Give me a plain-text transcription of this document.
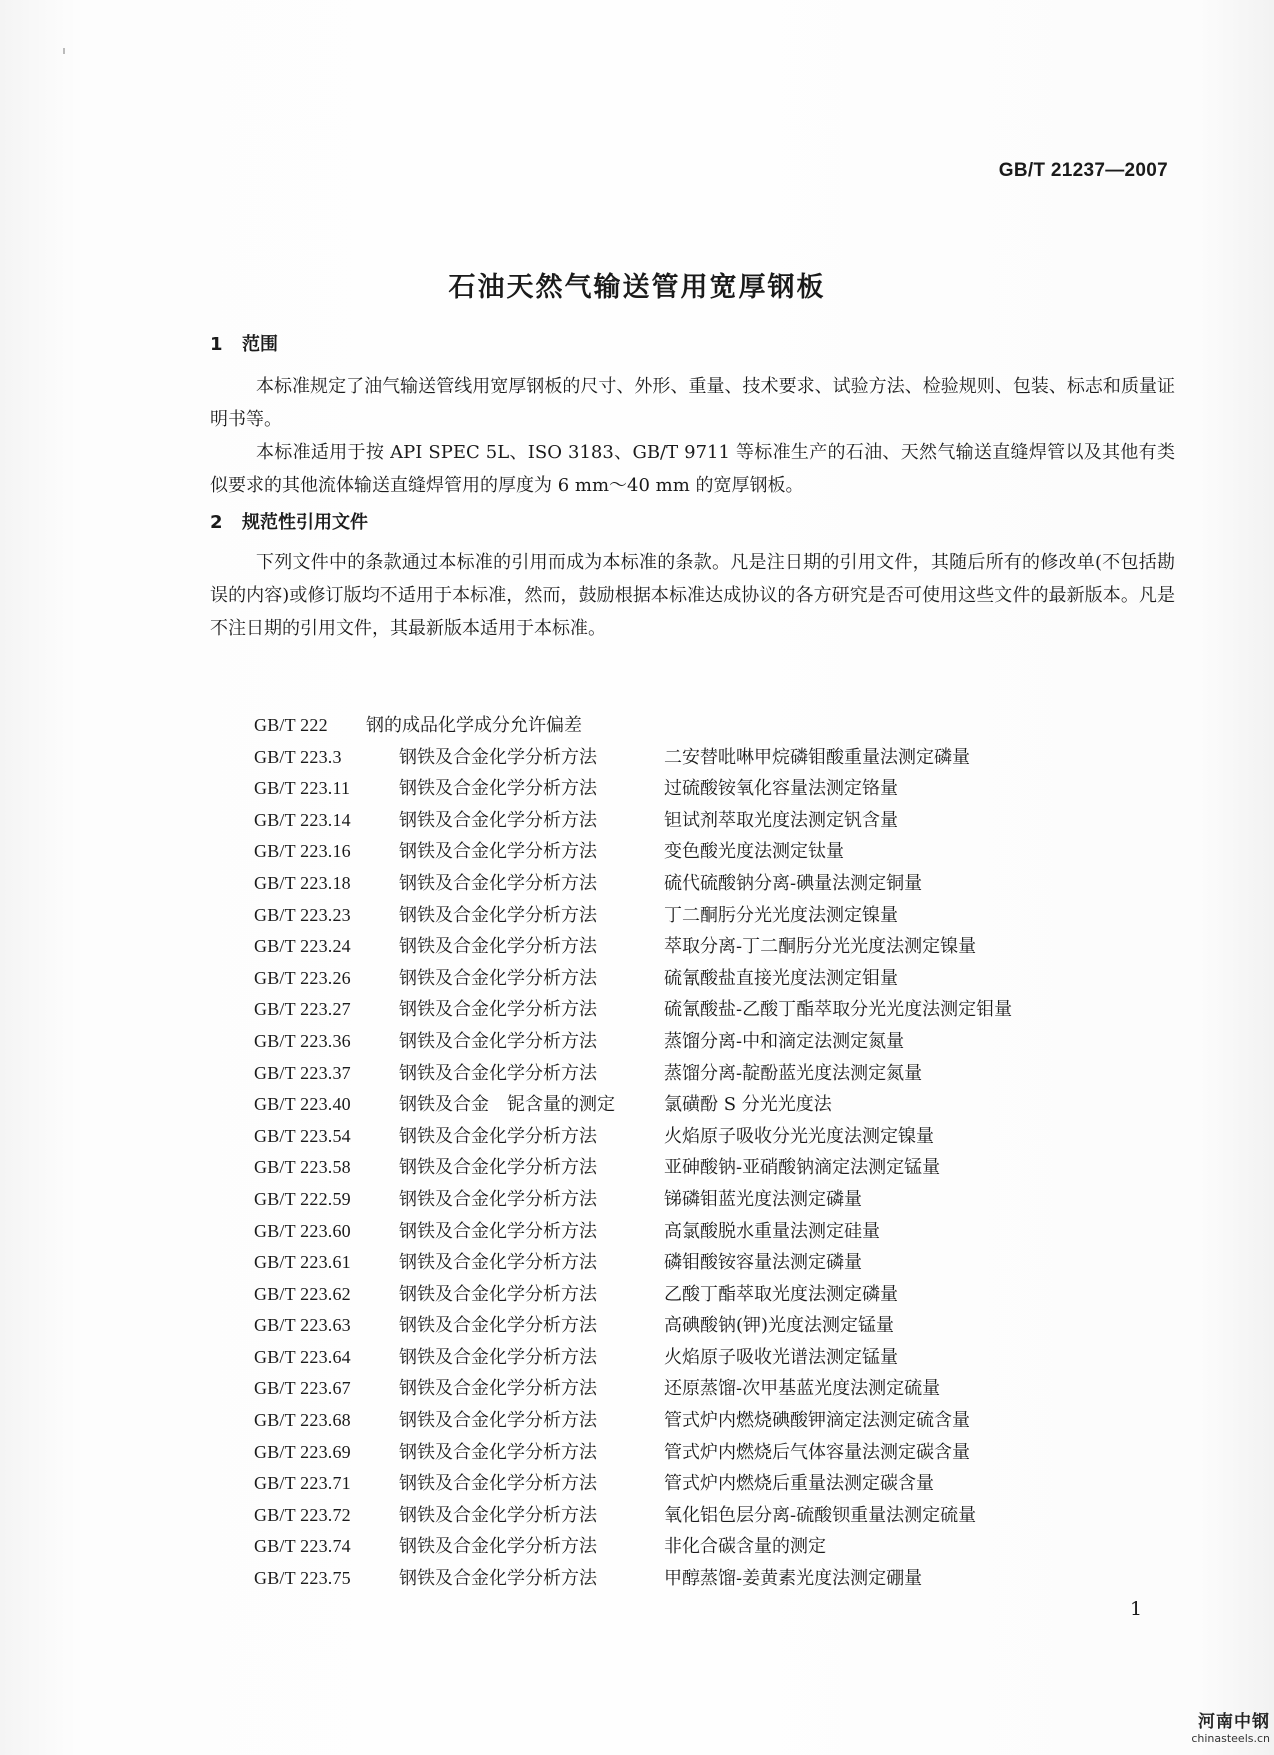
GB/T 21237—2007
石油天然气输送管用宽厚钢板
1 范围

本标准规定了油气输送管线用宽厚钢板的尺寸、外形、重量、技术要求、试验方法、检验规则、包装、标志和质量证明书等。

本标准适用于按 API SPEC 5L、ISO 3183、GB/T 9711 等标准生产的石油、天然气输送直缝焊管以及其他有类似要求的其他流体输送直缝焊管用的厚度为 6 mm～40 mm 的宽厚钢板。

2 规范性引用文件

下列文件中的条款通过本标准的引用而成为本标准的条款。凡是注日期的引用文件，其随后所有的修改单(不包括勘误的内容)或修订版均不适用于本标准，然而，鼓励根据本标准达成协议的各方研究是否可使用这些文件的最新版本。凡是不注日期的引用文件，其最新版本适用于本标准。

GB/T 222 钢的成品化学成分允许偏差
GB/T 223.3	钢铁及合金化学分析方法	二安替吡啉甲烷磷钼酸重量法测定磷量
GB/T 223.11	钢铁及合金化学分析方法	过硫酸铵氧化容量法测定铬量
GB/T 223.14	钢铁及合金化学分析方法	钽试剂萃取光度法测定钒含量
GB/T 223.16	钢铁及合金化学分析方法	变色酸光度法测定钛量
GB/T 223.18	钢铁及合金化学分析方法	硫代硫酸钠分离-碘量法测定铜量
GB/T 223.23	钢铁及合金化学分析方法	丁二酮肟分光光度法测定镍量
GB/T 223.24	钢铁及合金化学分析方法	萃取分离-丁二酮肟分光光度法测定镍量
GB/T 223.26	钢铁及合金化学分析方法	硫氰酸盐直接光度法测定钼量
GB/T 223.27	钢铁及合金化学分析方法	硫氰酸盐-乙酸丁酯萃取分光光度法测定钼量
GB/T 223.36	钢铁及合金化学分析方法	蒸馏分离-中和滴定法测定氮量
GB/T 223.37	钢铁及合金化学分析方法	蒸馏分离-靛酚蓝光度法测定氮量
GB/T 223.40	钢铁及合金　铌含量的测定	氯磺酚 S 分光光度法
GB/T 223.54	钢铁及合金化学分析方法	火焰原子吸收分光光度法测定镍量
GB/T 223.58	钢铁及合金化学分析方法	亚砷酸钠-亚硝酸钠滴定法测定锰量
GB/T 222.59	钢铁及合金化学分析方法	锑磷钼蓝光度法测定磷量
GB/T 223.60	钢铁及合金化学分析方法	高氯酸脱水重量法测定硅量
GB/T 223.61	钢铁及合金化学分析方法	磷钼酸铵容量法测定磷量
GB/T 223.62	钢铁及合金化学分析方法	乙酸丁酯萃取光度法测定磷量
GB/T 223.63	钢铁及合金化学分析方法	高碘酸钠(钾)光度法测定锰量
GB/T 223.64	钢铁及合金化学分析方法	火焰原子吸收光谱法测定锰量
GB/T 223.67	钢铁及合金化学分析方法	还原蒸馏-次甲基蓝光度法测定硫量
GB/T 223.68	钢铁及合金化学分析方法	管式炉内燃烧碘酸钾滴定法测定硫含量
GB/T 223.69	钢铁及合金化学分析方法	管式炉内燃烧后气体容量法测定碳含量
GB/T 223.71	钢铁及合金化学分析方法	管式炉内燃烧后重量法测定碳含量
GB/T 223.72	钢铁及合金化学分析方法	氧化铝色层分离-硫酸钡重量法测定硫量
GB/T 223.74	钢铁及合金化学分析方法	非化合碳含量的测定
GB/T 223.75	钢铁及合金化学分析方法	甲醇蒸馏-姜黄素光度法测定硼量
1
河南中钢
chinasteels.cn
